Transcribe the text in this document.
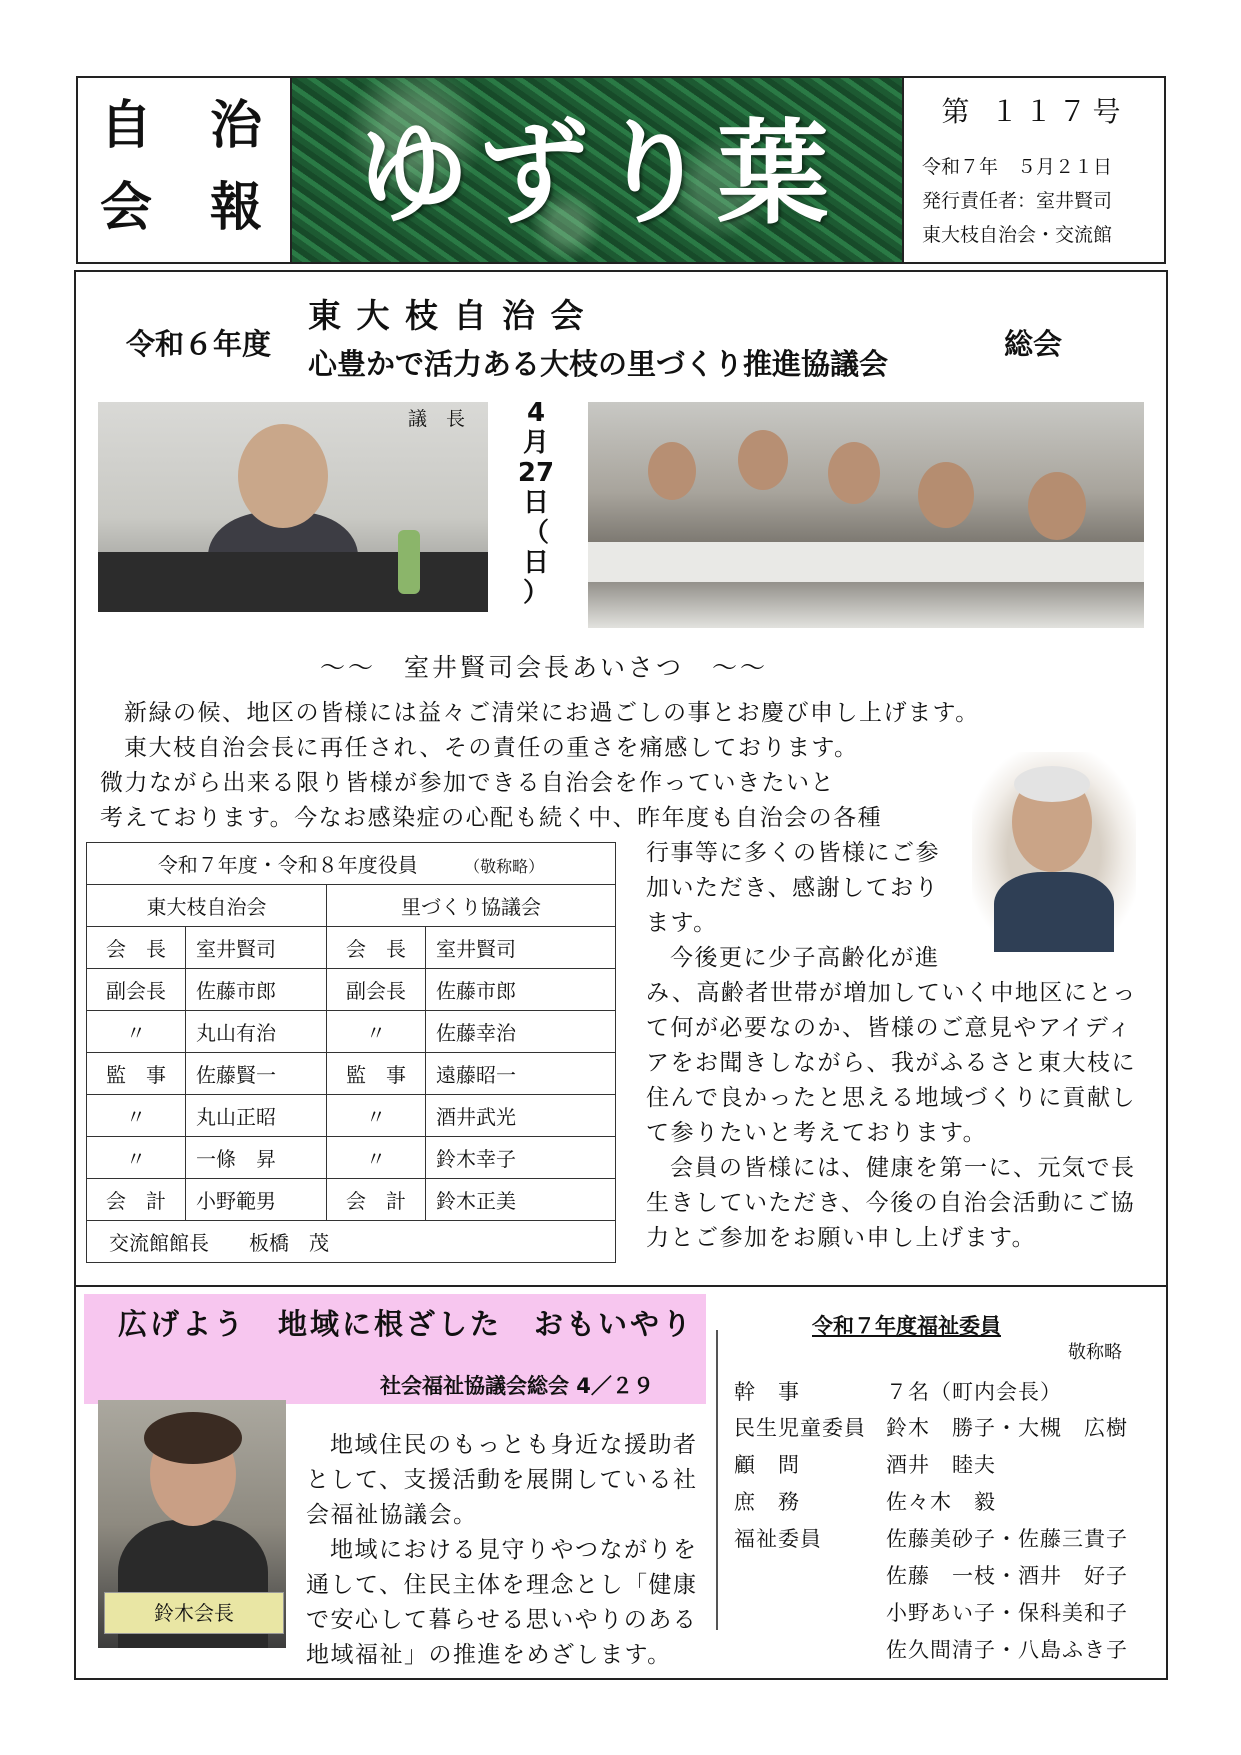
自 治
会 報 ゆずり葉	第 １１７号
令和７年　５月２１日
発行責任者：室井賢司
東大枝自治会・交流館
令和６年度
東 大 枝 自 治 会
心豊かで活力ある大枝の里づくり推進協議会
総会
議　長	4
月
27
日
（
日
）
～～　室井賢司会長あいさつ　～～
新緑の候、地区の皆様には益々ご清栄にお過ごしの事とお慶び申し上げます。
東大枝自治会長に再任され、その責任の重さを痛感しております。
微力ながら出来る限り皆様が参加できる自治会を作っていきたいと
考えております。今なお感染症の心配も続く中、昨年度も自治会の各種
行事等に多くの皆様にご参
加いただき、感謝しており
ます。
今後更に少子高齢化が進
み、高齢者世帯が増加していく中地区にとっ
て何が必要なのか、皆様のご意見やアイディ
アをお聞きしながら、我がふるさと東大枝に
住んで良かったと思える地域づくりに貢献し
て参りたいと考えております。
会員の皆様には、健康を第一に、元気で長
生きしていただき、今後の自治会活動にご協
力とご参加をお願い申し上げます。
令和７年度・令和８年度役員 （敬称略）			
東大枝自治会		里づくり協議会	
会　長	室井賢司	会　長	室井賢司
副会長	佐藤市郎	副会長	佐藤市郎
〃	丸山有治	〃	佐藤幸治
監　事	佐藤賢一	監　事	遠藤昭一
〃	丸山正昭	〃	酒井武光
〃	一條　昇	〃	鈴木幸子
会　計	小野範男	会　計	鈴木正美
交流館館長　　板橋　茂			
広げよう　地域に根ざした　おもいやり
社会福祉協議会総会 4／２９
鈴木会長
地域住民のもっとも身近な援助者
として、支援活動を展開している社
会福祉協議会。
地域における見守りやつながりを
通して、住民主体を理念とし「健康
で安心して暮らせる思いやりのある
地域福祉」の推進をめざします。
令和７年度福祉委員
敬称略
幹　事	７名（町内会長）
民生児童委員 鈴木　勝子・大槻　広樹
顧　問	酒井　睦夫
庶　務	佐々木　毅
福祉委員	佐藤美砂子・佐藤三貴子
佐藤　一枝・酒井　好子
小野あい子・保科美和子
佐久間清子・八島ふき子
